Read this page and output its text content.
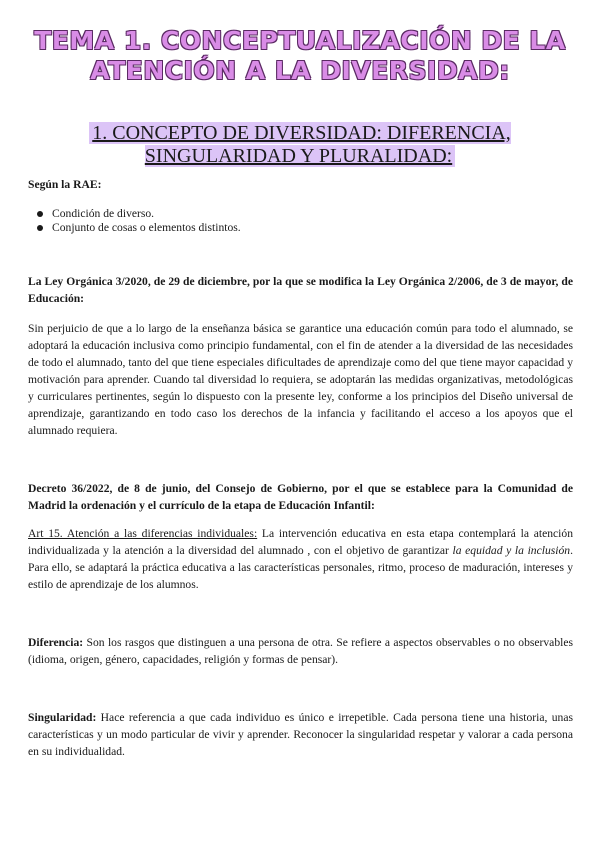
TEMA 1. CONCEPTUALIZACIÓN DE LA ATENCIÓN A LA DIVERSIDAD:
1. CONCEPTO DE DIVERSIDAD: DIFERENCIA, SINGULARIDAD Y PLURALIDAD:
Según la RAE:
Condición de diverso.
Conjunto de cosas o elementos distintos.
La Ley Orgánica 3/2020, de 29 de diciembre, por la que se modifica la Ley Orgánica 2/2006, de 3 de mayor, de Educación:
Sin perjuicio de que a lo largo de la enseñanza básica se garantice una educación común para todo el alumnado, se adoptará la educación inclusiva como principio fundamental, con el fin de atender a la diversidad de las necesidades de todo el alumnado, tanto del que tiene especiales dificultades de aprendizaje como del que tiene mayor capacidad y motivación para aprender. Cuando tal diversidad lo requiera, se adoptarán las medidas organizativas, metodológicas y curriculares pertinentes, según lo dispuesto con la presente ley, conforme a los principios del Diseño universal de aprendizaje, garantizando en todo caso los derechos de la infancia y facilitando el acceso a los apoyos que el alumnado requiera.
Decreto 36/2022, de 8 de junio, del Consejo de Gobierno, por el que se establece para la Comunidad de Madrid la ordenación y el currículo de la etapa de Educación Infantil:
Art 15. Atención a las diferencias individuales: La intervención educativa en esta etapa contemplará la atención individualizada y la atención a la diversidad del alumnado , con el objetivo de garantizar la equidad y la inclusión. Para ello, se adaptará la práctica educativa a las características personales, ritmo, proceso de maduración, intereses y estilo de aprendizaje de los alumnos.
Diferencia: Son los rasgos que distinguen a una persona de otra. Se refiere a aspectos observables o no observables (idioma, origen, género, capacidades, religión y formas de pensar).
Singularidad: Hace referencia a que cada individuo es único e irrepetible. Cada persona tiene una historia, unas características y un modo particular de vivir y aprender. Reconocer la singularidad respetar y valorar a cada persona en su individualidad.
